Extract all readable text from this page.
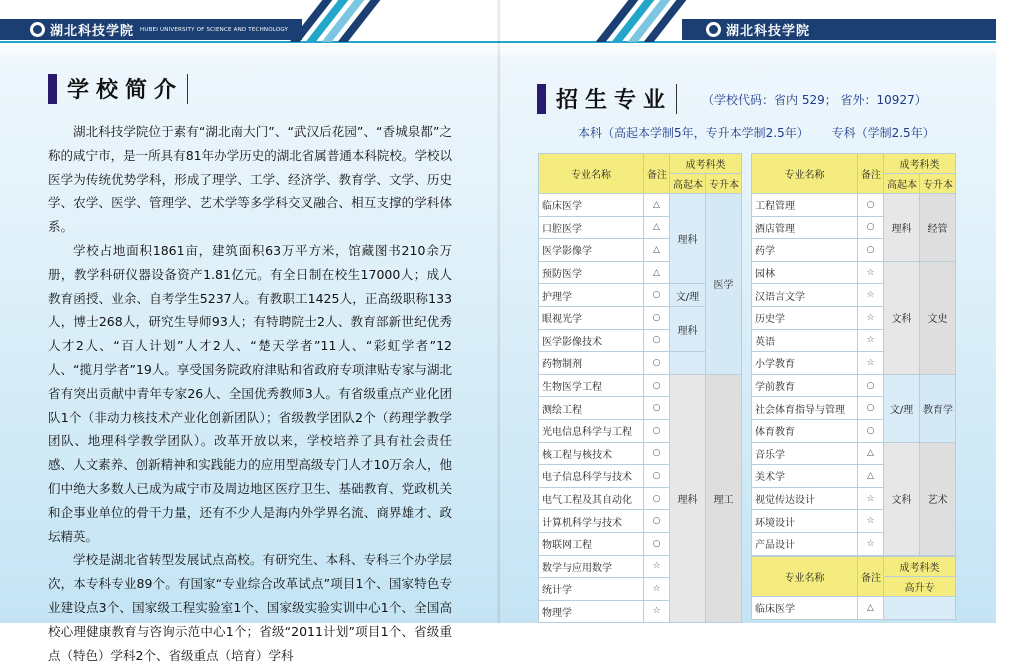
湖北科技学院 HUBEI UNIVERSITY OF SCIENCE AND TECHNOLOGY
学校简介

湖北科技学院位于素有“湖北南大门”、“武汉后花园”、“香城泉都”之称的咸宁市，是一所具有81年办学历史的湖北省属普通本科院校。学校以医学为传统优势学科，形成了理学、工学、经济学、教育学、文学、历史学、农学、医学、管理学、艺术学等多学科交叉融合、相互支撑的学科体系。

学校占地面积1861亩，建筑面积63万平方米，馆藏图书210余万册，教学科研仪器设备资产1.81亿元。有全日制在校生17000人；成人教育函授、业余、自考学生5237人。有教职工1425人，正高级职称133人，博士268人，研究生导师93人；有特聘院士2人、教育部新世纪优秀人才2人、“百人计划”人才2人、“楚天学者”11人、“彩虹学者”12人、“揽月学者”19人。享受国务院政府津贴和省政府专项津贴专家与湖北省有突出贡献中青年专家26人、全国优秀教师3人。有省级重点产业化团队1个（非动力核技术产业化创新团队）；省级教学团队2个（药理学教学团队、地理科学教学团队）。改革开放以来，学校培养了具有社会责任感、人文素养、创新精神和实践能力的应用型高级专门人才10万余人，他们中绝大多数人已成为咸宁市及周边地区医疗卫生、基础教育、党政机关和企事业单位的骨干力量，还有不少人是海内外学界名流、商界雄才、政坛精英。

学校是湖北省转型发展试点高校。有研究生、本科、专科三个办学层次，本专科专业89个。有国家“专业综合改革试点”项目1个、国家特色专业建设点3个、国家级工程实验室1个、国家级实验实训中心1个、全国高校心理健康教育与咨询示范中心1个；省级“2011计划”项目1个、省级重点（特色）学科2个、省级重点（培育）学科

湖北科技学院
招生专业 （学校代码：省内 529； 省外：10927）
本科（高起本学制5年，专升本学制2.5年）      专科（学制2.5年）
专业名称	备注	成考科类	
		高起本	专升本
临床医学	△	理科	医学
口腔医学	△		
医学影像学	△		
预防医学	△		
护理学	○	文/理	
眼视光学	○	理科	
医学影像技术	○		
药物制剂	○		
生物医学工程	○	理科	理工
测绘工程	○		
光电信息科学与工程	○		
核工程与核技术	○		
电子信息科学与技术	○		
电气工程及其自动化	○		
计算机科学与技术	○		
物联网工程	○		
数学与应用数学	☆		
统计学	☆		
物理学	☆		
专业名称	备注	成考科类	
		高起本	专升本
工程管理	○	理科	经管
酒店管理	○		
药学	○		
园林	☆	文科	文史
汉语言文学	☆		
历史学	☆		
英语	☆		
小学教育	☆		
学前教育	○	文/理	教育学
社会体育指导与管理	○		
体育教育	○		
音乐学	△	文科	艺术
美术学	△		
视觉传达设计	☆		
环境设计	☆		
产品设计	☆		
专业名称	备注	成考科类
		高升专
临床医学	△	
